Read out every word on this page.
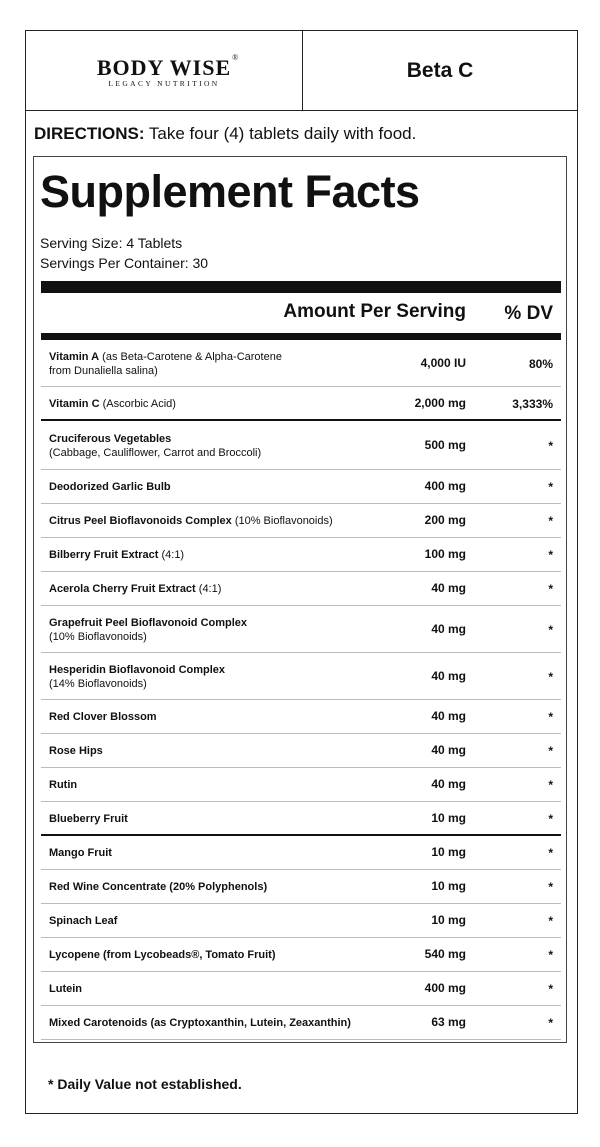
BODY WISE ®
LEGACY NUTRITION
Beta C
DIRECTIONS: Take four (4) tablets daily with food.
Supplement Facts
Serving Size: 4 Tablets
Servings Per Container: 30
Amount Per Serving % DV
Vitamin A (as Beta-Carotene & Alpha-Carotene
from Dunaliella salina)
4,000 IU	80%
Vitamin C (Ascorbic Acid)	2,000 mg	3,333%
Cruciferous Vegetables
(Cabbage, Cauliflower, Carrot and Broccoli)
500 mg	*
Deodorized Garlic Bulb	400 mg	*
Citrus Peel Bioflavonoids Complex (10% Bioflavonoids)	200 mg	*
Bilberry Fruit Extract (4:1)	100 mg	*
Acerola Cherry Fruit Extract (4:1)	40 mg	*
Grapefruit Peel Bioflavonoid Complex
(10% Bioflavonoids)
40 mg	*
Hesperidin Bioflavonoid Complex
(14% Bioflavonoids)
40 mg	*
Red Clover Blossom	40 mg	*
Rose Hips	40 mg	*
Rutin	40 mg	*
Blueberry Fruit	10 mg	*
Mango Fruit	10 mg	*
Red Wine Concentrate (20% Polyphenols)	10 mg	*
Spinach Leaf	10 mg	*
Lycopene (from Lycobeads®, Tomato Fruit)	540 mg	*
Lutein	400 mg	*
Mixed Carotenoids (as Cryptoxanthin, Lutein, Zeaxanthin)	63 mg	*
* Daily Value not established.
